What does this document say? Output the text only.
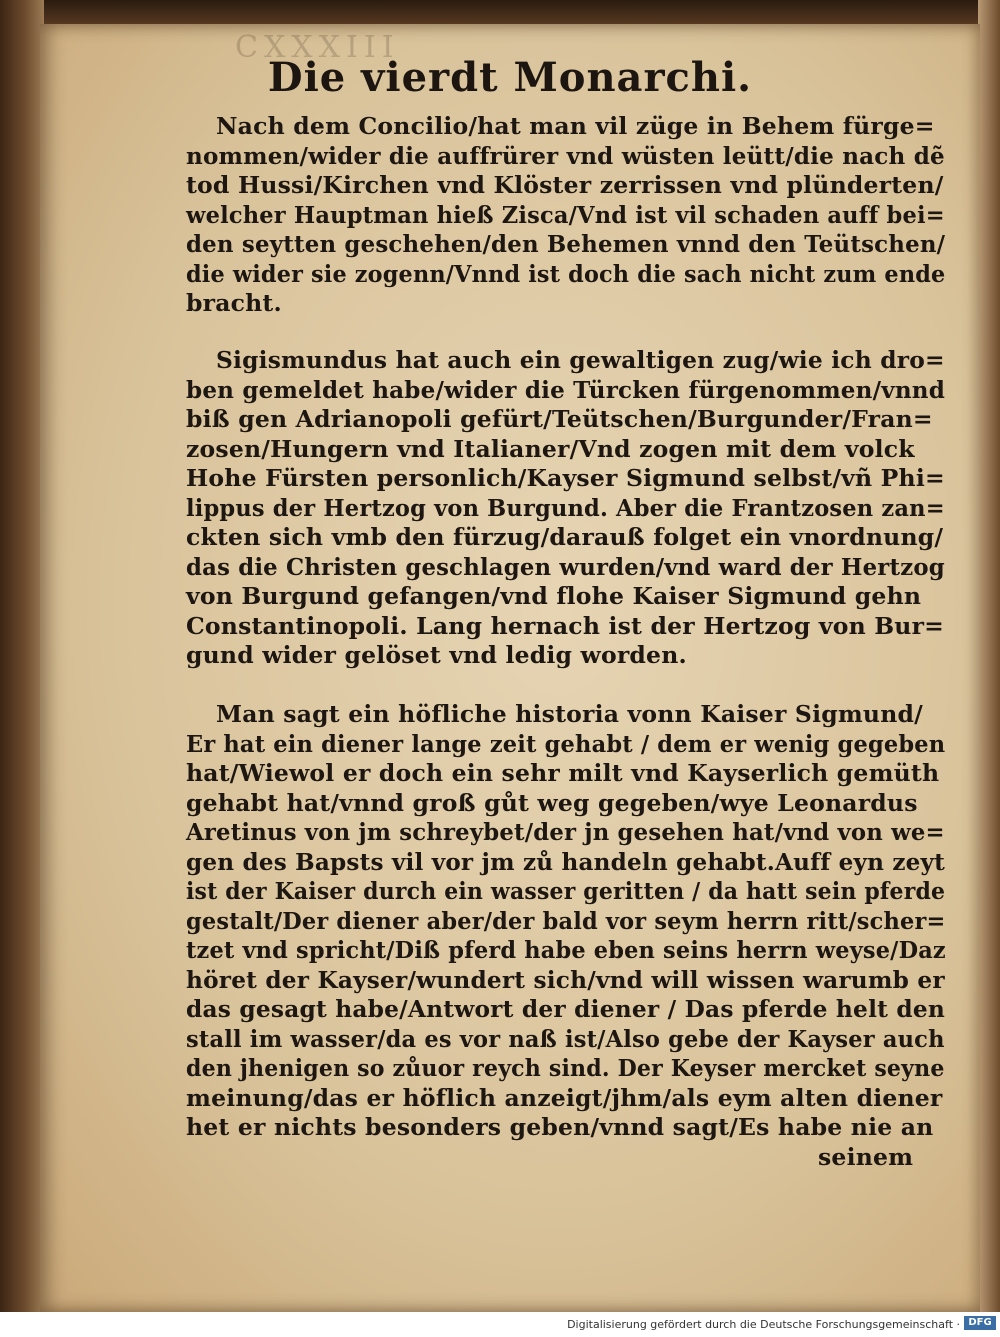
CXXXIII
Die vierdt Monarchi.
Nach dem Concilio/hat man vil züge in Behem fürge=
nommen/wider die auffrürer vnd wüsten leütt/die nach dẽ
tod Hussi/Kirchen vnd Klöster zerrissen vnd plünderten/
welcher Hauptman hieß Zisca/Vnd ist vil schaden auff bei=
den seytten geschehen/den Behemen vnnd den Teütschen/
die wider sie zogenn/Vnnd ist doch die sach nicht zum ende
bracht.
Sigismundus hat auch ein gewaltigen zug/wie ich dro=
ben gemeldet habe/wider die Türcken fürgenommen/vnnd
biß gen Adrianopoli gefürt/Teütschen/Burgunder/Fran=
zosen/Hungern vnd Italianer/Vnd zogen mit dem volck
Hohe Fürsten personlich/Kayser Sigmund selbst/vñ Phi=
lippus der Hertzog von Burgund. Aber die Frantzosen zan=
ckten sich vmb den fürzug/darauß folget ein vnordnung/
das die Christen geschlagen wurden/vnd ward der Hertzog
von Burgund gefangen/vnd flohe Kaiser Sigmund gehn
Constantinopoli. Lang hernach ist der Hertzog von Bur=
gund wider gelöset vnd ledig worden.
Man sagt ein höfliche historia vonn Kaiser Sigmund/
Er hat ein diener lange zeit gehabt / dem er wenig gegeben
hat/Wiewol er doch ein sehr milt vnd Kayserlich gemüth
gehabt hat/vnnd groß gůt weg gegeben/wye Leonardus
Aretinus von jm schreybet/der jn gesehen hat/vnd von we=
gen des Bapsts vil vor jm zů handeln gehabt.Auff eyn zeyt
ist der Kaiser durch ein wasser geritten / da hatt sein pferde
gestalt/Der diener aber/der bald vor seym herrn ritt/scher=
tzet vnd spricht/Diß pferd habe eben seins herrn weyse/Daz
höret der Kayser/wundert sich/vnd will wissen warumb er
das gesagt habe/Antwort der diener / Das pferde helt den
stall im wasser/da es vor naß ist/Also gebe der Kayser auch
den jhenigen so zůuor reych sind. Der Keyser mercket seyne
meinung/das er höflich anzeigt/jhm/als eym alten diener
het er nichts besonders geben/vnnd sagt/Es habe nie an
seinem
Digitalisierung gefördert durch die Deutsche Forschungsgemeinschaft · DFG
